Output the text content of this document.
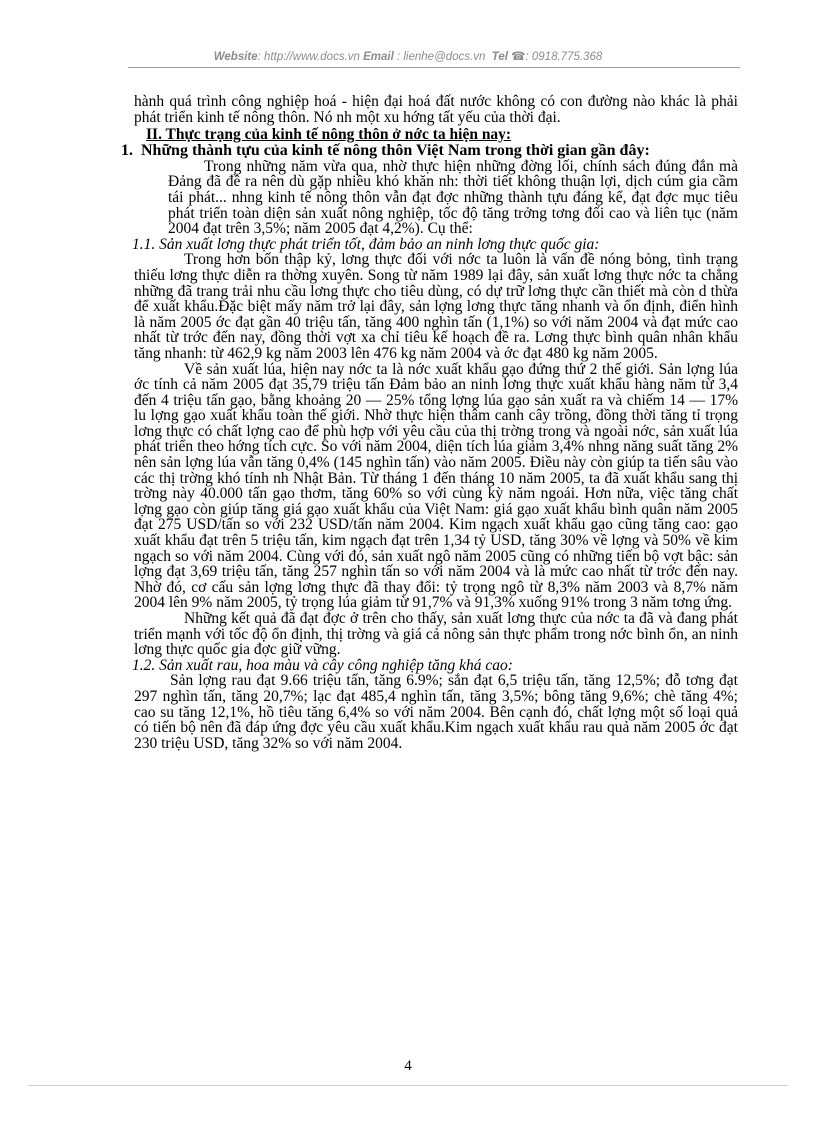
Website: http://www.docs.vn Email : lienhe@docs.vn Tel ☎: 0918.775.368

hành quá trình công nghiệp hoá - hiện đại hoá đất nước không có con đường nào khác là phải phát triển kinh tế nông thôn. Nó nh một xu hớng tất yếu của thời đại.

II. Thực trạng của kinh tế nông thôn ở nớc ta hiện nay:

1. Những thành tựu của kinh tế nông thôn Việt Nam trong thời gian gần đây:

Trong những năm vừa qua, nhờ thực hiện những đờng lối, chính sách đúng đắn mà Đảng đã đề ra nên dù gặp nhiều khó khăn nh: thời tiết không thuận lợi, dịch cúm gia cầm tái phát... nhng kinh tế nông thôn vẫn đạt đợc những thành tựu đáng kể, đạt đợc mục tiêu phát triển toàn diện sản xuất nông nghiệp, tốc độ tăng trởng tơng đối cao và liên tục (năm 2004 đạt trên 3,5%; năm 2005 đạt 4,2%). Cụ thể:

1.1. Sản xuất lơng thực phát triển tốt, đảm bảo an ninh lơng thực quốc gia:

Trong hơn bốn thập kỷ, lơng thực đối với nớc ta luôn là vấn đề nóng bỏng, tình trạng thiếu lơng thực diễn ra thờng xuyên. Song từ năm 1989 lại đây, sản xuất lơng thực nớc ta chẳng những đã trang trải nhu cầu lơng thực cho tiêu dùng, có dự trữ lơng thực cần thiết mà còn d thừa để xuất khẩu.Đặc biệt mấy năm trở lại đây, sản lợng lơng thực tăng nhanh và ổn định, điển hình là năm 2005 ớc đạt gần 40 triệu tấn, tăng 400 nghìn tấn (1,1%) so với năm 2004 và đạt mức cao nhất từ trớc đến nay, đồng thời vợt xa chỉ tiêu kế hoạch đề ra. Lơng thực bình quân nhân khẩu tăng nhanh: từ 462,9 kg năm 2003 lên 476 kg năm 2004 và ớc đạt 480 kg năm 2005.

Về sản xuất lúa, hiện nay nớc ta là nớc xuất khẩu gạo đứng thứ 2 thế giới. Sản lợng lúa ớc tính cả năm 2005 đạt 35,79 triệu tấn Đảm bảo an ninh lơng thực xuất khẩu hàng năm từ 3,4 đến 4 triệu tấn gạo, bằng khoảng 20 — 25% tổng lợng lúa gạo sản xuất ra và chiếm 14 — 17% lu lợng gạo xuất khẩu toàn thế giới. Nhờ thực hiện thâm canh cây trồng, đồng thời tăng tỉ trọng lơng thực có chất lợng cao để phù hợp với yêu cầu của thị trờng trong và ngoài nớc, sản xuất lúa phát triển theo hớng tích cực. So với năm 2004, diện tích lúa giảm 3,4% nhng năng suất tăng 2% nên sản lợng lúa vẫn tăng 0,4% (145 nghìn tấn) vào năm 2005. Điều này còn giúp ta tiến sâu vào các thị trờng khó tính nh Nhật Bản. Từ tháng 1 đến tháng 10 năm 2005, ta đã xuất khẩu sang thị trờng này 40.000 tấn gạo thơm, tăng 60% so với cùng kỳ năm ngoái. Hơn nữa, việc tăng chất lợng gạo còn giúp tăng giá gạo xuất khẩu của Việt Nam: giá gạo xuất khẩu bình quân năm 2005 đạt 275 USD/tấn so với 232 USD/tấn năm 2004. Kim ngạch xuất khẩu gạo cũng tăng cao: gạo xuất khẩu đạt trên 5 triệu tấn, kim ngạch đạt trên 1,34 tỷ USD, tăng 30% về lợng và 50% về kim ngạch so với năm 2004. Cùng với đó, sản xuất ngô năm 2005 cũng có những tiến bộ vợt bậc: sản lợng đạt 3,69 triệu tấn, tăng 257 nghìn tấn so với năm 2004 và là mức cao nhất từ trớc đến nay. Nhờ đó, cơ cấu sản lợng lơng thực đã thay đổi: tỷ trọng ngô từ 8,3% năm 2003 và 8,7% năm 2004 lên 9% năm 2005, tỷ trọng lúa giảm từ 91,7% và 91,3% xuống 91% trong 3 năm tơng ứng.

Những kết quả đã đạt đợc ở trên cho thấy, sản xuất lơng thực của nớc ta đã và đang phát triển mạnh với tốc độ ổn định, thị trờng và giá cả nông sản thực phẩm trong nớc bình ổn, an ninh lơng thực quốc gia đợc giữ vững.

1.2. Sản xuất rau, hoa màu và cây công nghiệp tăng khá cao:

Sản lợng rau đạt 9.66 triệu tấn, tăng 6.9%; sắn đạt 6,5 triệu tấn, tăng 12,5%; đỗ tơng đạt 297 nghìn tấn, tăng 20,7%; lạc đạt 485,4 nghìn tấn, tăng 3,5%; bông tăng 9,6%; chè tăng 4%; cao su tăng 12,1%, hồ tiêu tăng 6,4% so với năm 2004. Bên cạnh đó, chất lợng một số loại quả có tiến bộ nên đã đáp ứng đợc yêu cầu xuất khẩu.Kim ngạch xuất khẩu rau quả năm 2005 ớc đạt 230 triệu USD, tăng 32% so với năm 2004.

4
